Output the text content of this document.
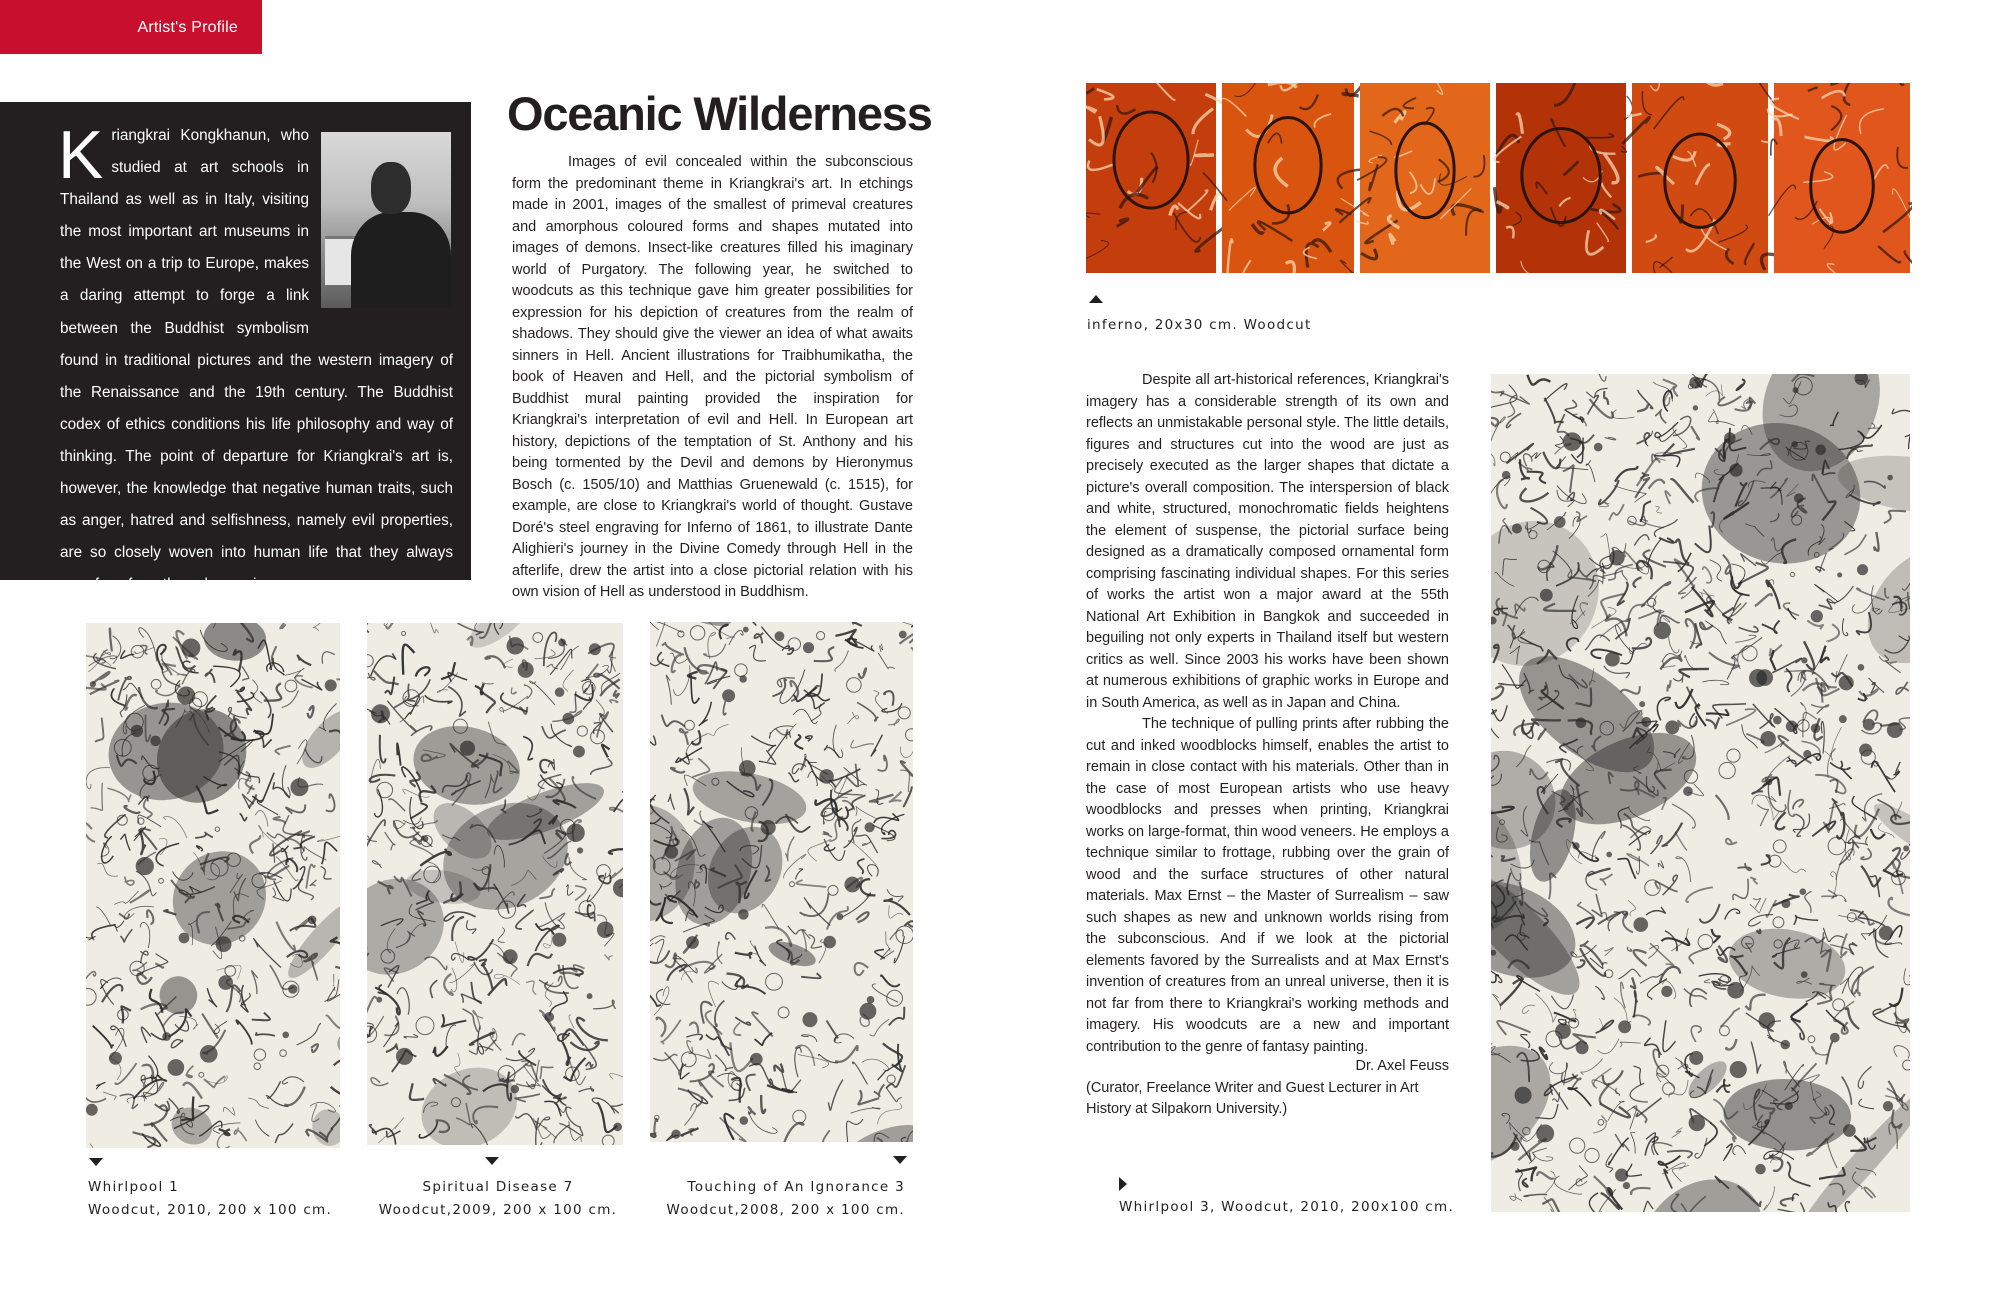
Artist's Profile
K riangkrai Kongkhanun, who studied at art schools in Thailand as well as in Italy, visiting the most important art museums in the West on a trip to Europe, makes a daring attempt to forge a link between the Buddhist symbolism found in traditional pictures and the western imagery of the Renaissance and the 19th century. The Buddhist codex of ethics conditions his life philosophy and way of thinking. The point of departure for Kriangkrai's art is, however, the knowledge that negative human traits, such as anger, hatred and selfishness, namely evil properties, are so closely woven into human life that they always resurface from the subconscious.
Oceanic Wilderness

Images of evil concealed within the subconscious form the predominant theme in Kriangkrai's art. In etchings made in 2001, images of the smallest of primeval creatures and amorphous coloured forms and shapes mutated into images of demons. Insect-like creatures filled his imaginary world of Purgatory. The following year, he switched to woodcuts as this technique gave him greater possibilities for expression for his depiction of creatures from the realm of shadows. They should give the viewer an idea of what awaits sinners in Hell. Ancient illustrations for Traibhumikatha, the book of Heaven and Hell, and the pictorial symbolism of Buddhist mural painting provided the inspiration for Kriangkrai's interpretation of evil and Hell. In European art history, depictions of the temptation of St. Anthony and his being tormented by the Devil and demons by Hieronymus Bosch (c. 1505/10) and Matthias Gruenewald (c. 1515), for example, are close to Kriangkrai's world of thought. Gustave Doré's steel engraving for Inferno of 1861, to illustrate Dante Alighieri's journey in the Divine Comedy through Hell in the afterlife, drew the artist into a close pictorial relation with his own vision of Hell as understood in Buddhism.

inferno, 20x30 cm. Woodcut

Despite all art-historical references, Kriangkrai's imagery has a considerable strength of its own and reflects an unmistakable personal style. The little details, figures and structures cut into the wood are just as precisely executed as the larger shapes that dictate a picture's overall composition. The interspersion of black and white, structured, monochromatic fields heightens the element of suspense, the pictorial surface being designed as a dramatically composed ornamental form comprising fascinating individual shapes. For this series of works the artist won a major award at the 55th National Art Exhibition in Bangkok and succeeded in beguiling not only experts in Thailand itself but western critics as well. Since 2003 his works have been shown at numerous exhibitions of graphic works in Europe and in South America, as well as in Japan and China.

The technique of pulling prints after rubbing the cut and inked woodblocks himself, enables the artist to remain in close contact with his materials. Other than in the case of most European artists who use heavy woodblocks and presses when printing, Kriangkrai works on large-format, thin wood veneers. He employs a technique similar to frottage, rubbing over the grain of wood and the surface structures of other natural materials. Max Ernst – the Master of Surrealism – saw such shapes as new and unknown worlds rising from the subconscious. And if we look at the pictorial elements favored by the Surrealists and at Max Ernst's invention of creatures from an unreal universe, then it is not far from there to Kriangkrai's working methods and imagery. His woodcuts are a new and important contribution to the genre of fantasy painting.

Dr. Axel Feuss
(Curator, Freelance Writer and Guest Lecturer in Art History at Silpakorn University.)
Whirlpool 1
Woodcut, 2010, 200 x 100 cm.
Spiritual Disease 7
Woodcut,2009, 200 x 100 cm.
Touching of An Ignorance 3
Woodcut,2008, 200 x 100 cm.	Whirlpool 3, Woodcut, 2010, 200x100 cm.
